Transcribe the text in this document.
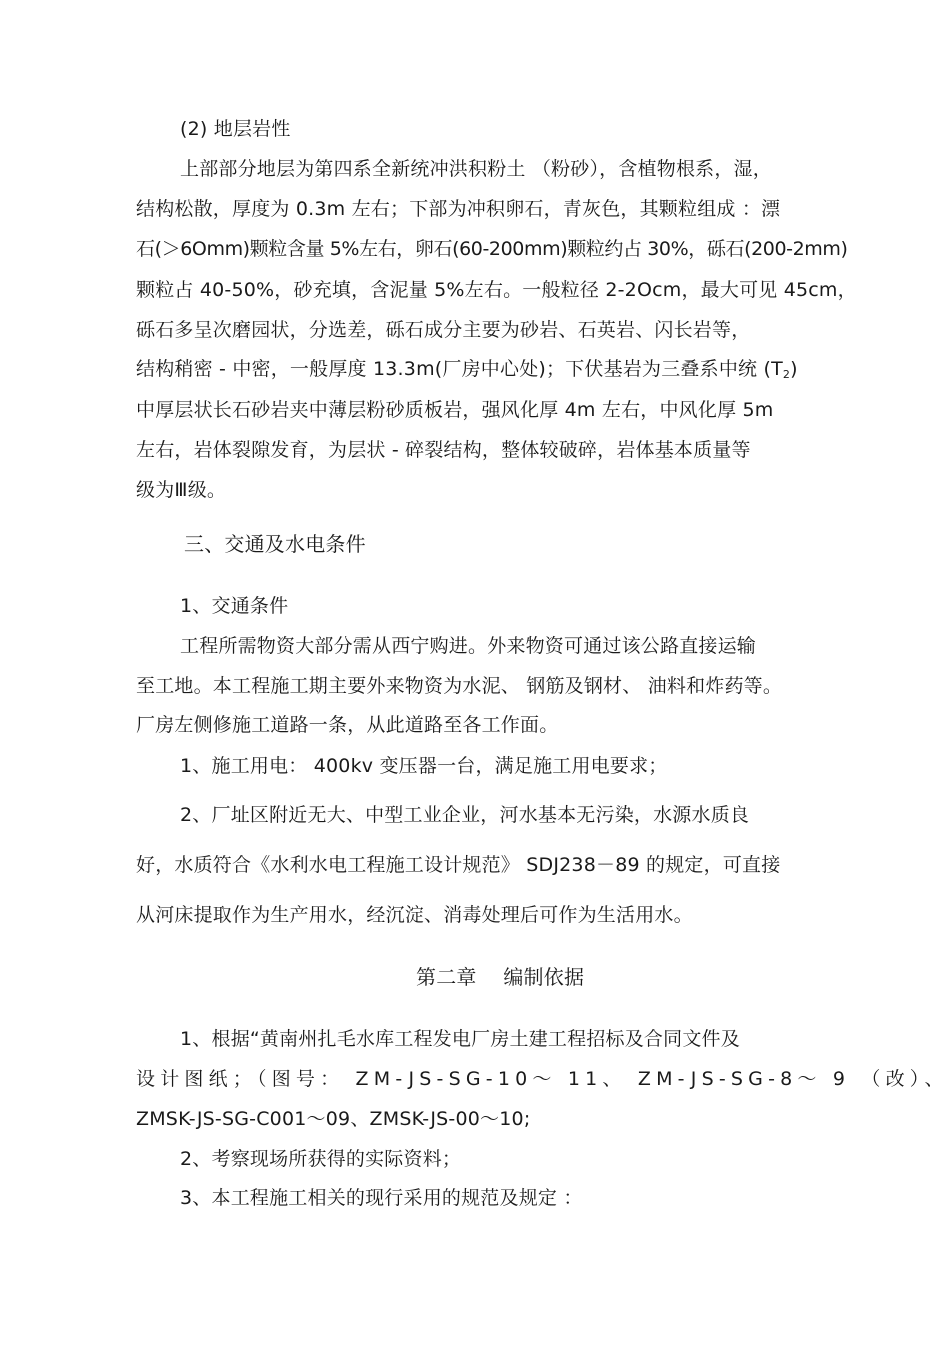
(2) 地层岩性
上部部分地层为第四系全新统冲洪积粉土 （粉砂），含植物根系，湿，
结构松散，厚度为 0.3m 左右；下部为冲积卵石，青灰色，其颗粒组成 ：漂
石(＞6Omm)颗粒含量 5%左右，卵石(60-200mm)颗粒约占 30%，砾石(200-2mm)
颗粒占 40-50%，砂充填，含泥量 5%左右。一般粒径 2-2Ocm，最大可见 45cm，
砾石多呈次磨园状，分选差，砾石成分主要为砂岩、石英岩、闪长岩等，
结构稍密 - 中密，一般厚度 13.3m(厂房中心处)；下伏基岩为三叠系中统 $(T_2)$
中厚层状长石砂岩夹中薄层粉砂质板岩，强风化厚 4m 左右，中风化厚 5m
左右，岩体裂隙发育，为层状 - 碎裂结构，整体较破碎，岩体基本质量等
级为Ⅲ级。
三、交通及水电条件
1、交通条件
工程所需物资大部分需从西宁购进。外来物资可通过该公路直接运输
至工地。本工程施工期主要外来物资为水泥、 钢筋及钢材、 油料和炸药等。
厂房左侧修施工道路一条，从此道路至各工作面。
1、施工用电： 400kv 变压器一台，满足施工用电要求；
2、厂址区附近无大、中型工业企业，河水基本无污染，水源水质良
好，水质符合《水利水电工程施工设计规范》 SDJ238－89 的规定，可直接
从河床提取作为生产用水，经沉淀、消毒处理后可作为生活用水。
第二章　 编制依据
1、根据“黄南州扎毛水库工程发电厂房土建工程招标及合同文件及
设计图纸；（图号： ZM-JS-SG-10～ 11、 ZM-JS-SG-8～ 9 （改）、
ZMSK-JS-SG-C001～09、ZMSK-JS-00～10;
2、考察现场所获得的实际资料；
3、本工程施工相关的现行采用的规范及规定 ：
